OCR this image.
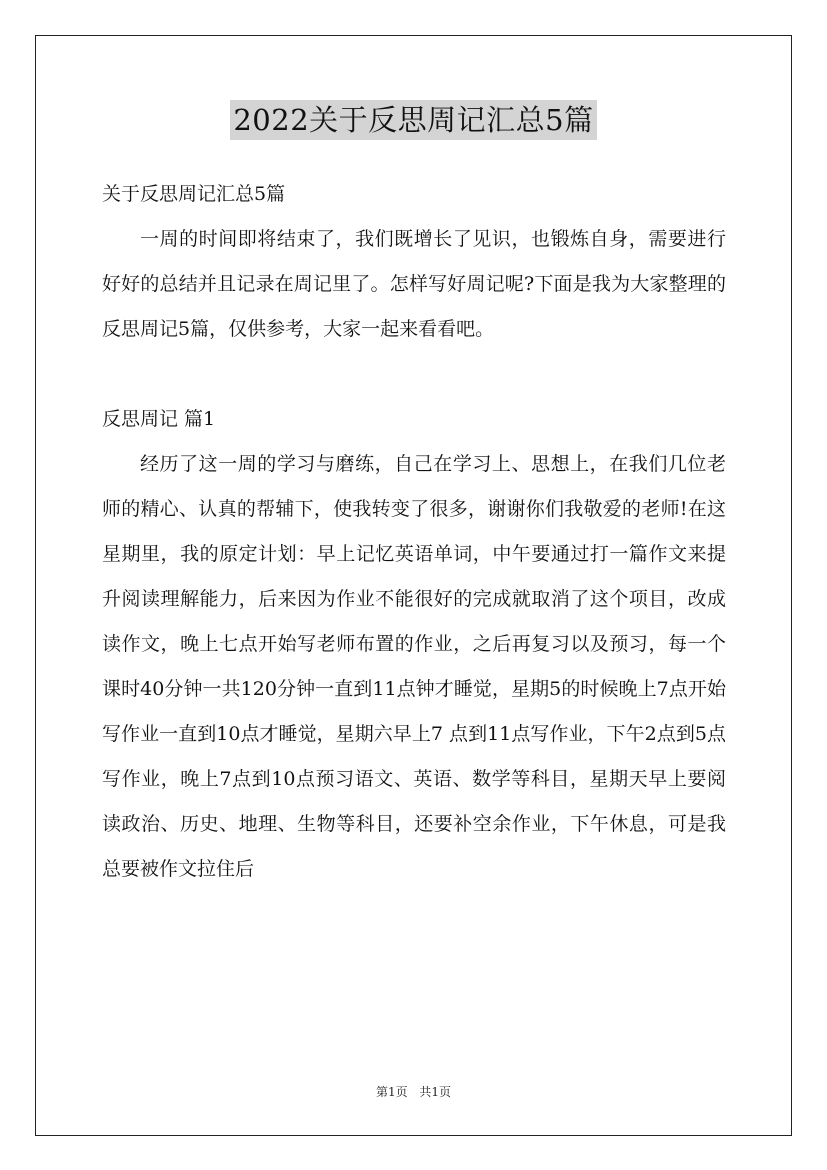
2022关于反思周记汇总5篇

关于反思周记汇总5篇

一周的时间即将结束了，我们既增长了见识，也锻炼自身，需要进行好好的总结并且记录在周记里了。怎样写好周记呢?下面是我为大家整理的反思周记5篇，仅供参考，大家一起来看看吧。

反思周记 篇1

经历了这一周的学习与磨练，自己在学习上、思想上，在我们几位老师的精心、认真的帮辅下，使我转变了很多，谢谢你们我敬爱的老师!在这星期里，我的原定计划：早上记忆英语单词，中午要通过打一篇作文来提升阅读理解能力，后来因为作业不能很好的完成就取消了这个项目，改成读作文，晚上七点开始写老师布置的作业，之后再复习以及预习，每一个课时40分钟一共120分钟一直到11点钟才睡觉，星期5的时候晚上7点开始写作业一直到10点才睡觉，星期六早上7 点到11点写作业，下午2点到5点写作业，晚上7点到10点预习语文、英语、数学等科目，星期天早上要阅读政治、历史、地理、生物等科目，还要补空余作业，下午休息，可是我总要被作文拉住后

第1页 共1页
